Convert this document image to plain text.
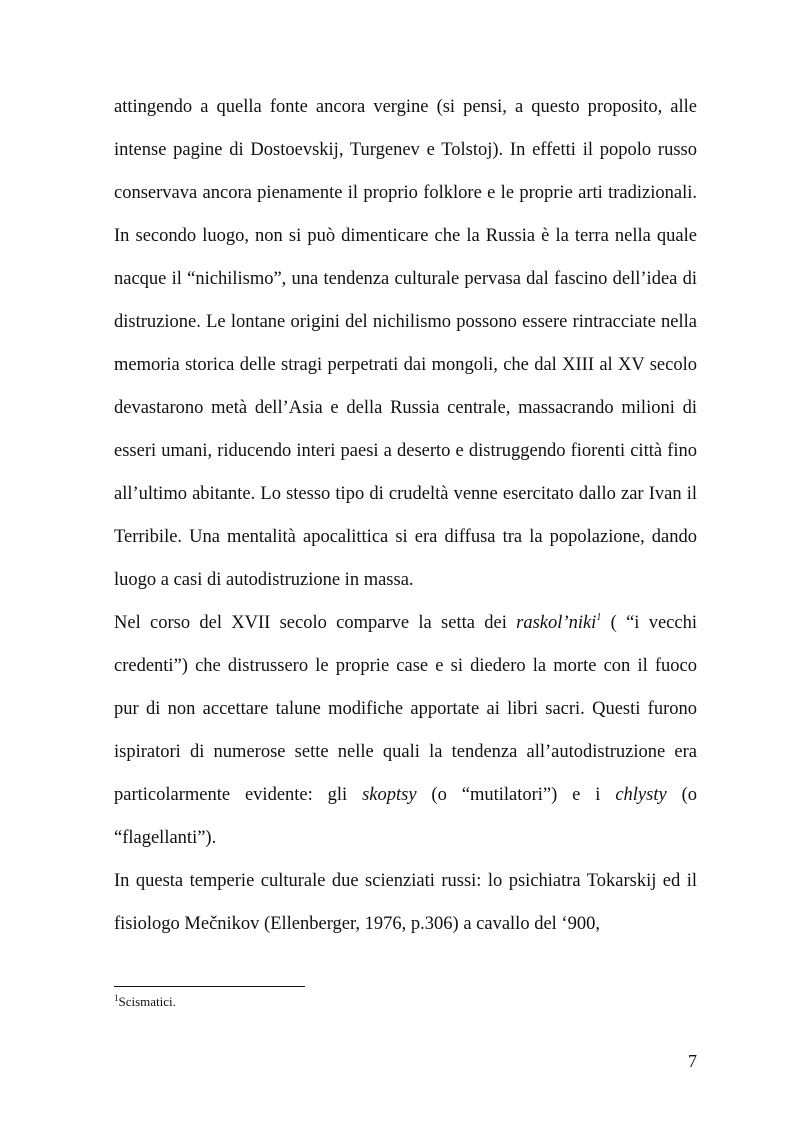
attingendo a quella fonte ancora vergine (si pensi, a questo proposito, alle
intense pagine di Dostoevskij, Turgenev e Tolstoj). In effetti il popolo russo
conservava ancora pienamente il proprio folklore e le proprie arti tradizionali.
In secondo luogo, non si può dimenticare che la Russia è la terra nella quale
nacque il “nichilismo”, una tendenza culturale pervasa dal fascino dell’idea di
distruzione. Le lontane origini del nichilismo possono essere rintracciate nella
memoria storica delle stragi perpetrati dai mongoli, che dal XIII al XV secolo
devastarono metà dell’Asia e della Russia centrale, massacrando milioni di
esseri umani, riducendo interi paesi a deserto e distruggendo fiorenti città fino
all’ultimo abitante. Lo stesso tipo di crudeltà venne esercitato dallo zar Ivan il
Terribile. Una mentalità apocalittica si era diffusa tra la popolazione, dando
luogo a casi di autodistruzione in massa.
Nel corso del XVII secolo comparve la setta dei raskol’niki$^1$ ( “i vecchi
credenti”) che distrussero le proprie case e si diedero la morte con il fuoco
pur di non accettare talune modifiche apportate ai libri sacri. Questi furono
ispiratori di numerose sette nelle quali la tendenza all’autodistruzione era
particolarmente evidente: gli skoptsy (o “mutilatori”) e i chlysty (o
“flagellanti”).
In questa temperie culturale due scienziati russi: lo psichiatra Tokarskij ed il
fisiologo Mečnikov (Ellenberger, 1976, p.306) a cavallo del ‘900,
$^1$Scismatici.
7
